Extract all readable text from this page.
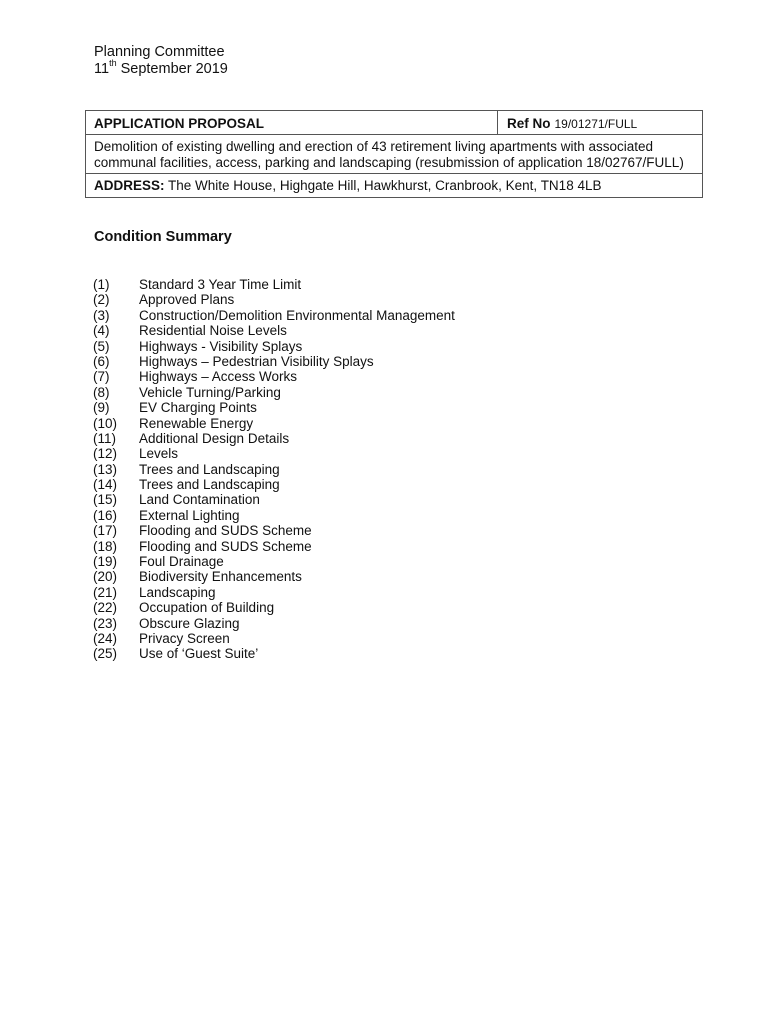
Planning Committee
11th September 2019
APPLICATION PROPOSAL	Ref No 19/01271/FULL
Demolition of existing dwelling and erection of 43 retirement living apartments with associated communal facilities, access, parking and landscaping (resubmission of application 18/02767/FULL)
ADDRESS: The White House, Highgate Hill, Hawkhurst, Cranbrook, Kent, TN18 4LB
Condition Summary
(1)	Standard 3 Year Time Limit
(2)	Approved Plans
(3)	Construction/Demolition Environmental Management
(4)	Residential Noise Levels
(5)	Highways - Visibility Splays
(6)	Highways – Pedestrian Visibility Splays
(7)	Highways – Access Works
(8)	Vehicle Turning/Parking
(9)	EV Charging Points
(10)	Renewable Energy
(11)	Additional Design Details
(12)	Levels
(13)	Trees and Landscaping
(14)	Trees and Landscaping
(15)	Land Contamination
(16)	External Lighting
(17)	Flooding and SUDS Scheme
(18)	Flooding and SUDS Scheme
(19)	Foul Drainage
(20)	Biodiversity Enhancements
(21)	Landscaping
(22)	Occupation of Building
(23)	Obscure Glazing
(24)	Privacy Screen
(25)	Use of ‘Guest Suite’
